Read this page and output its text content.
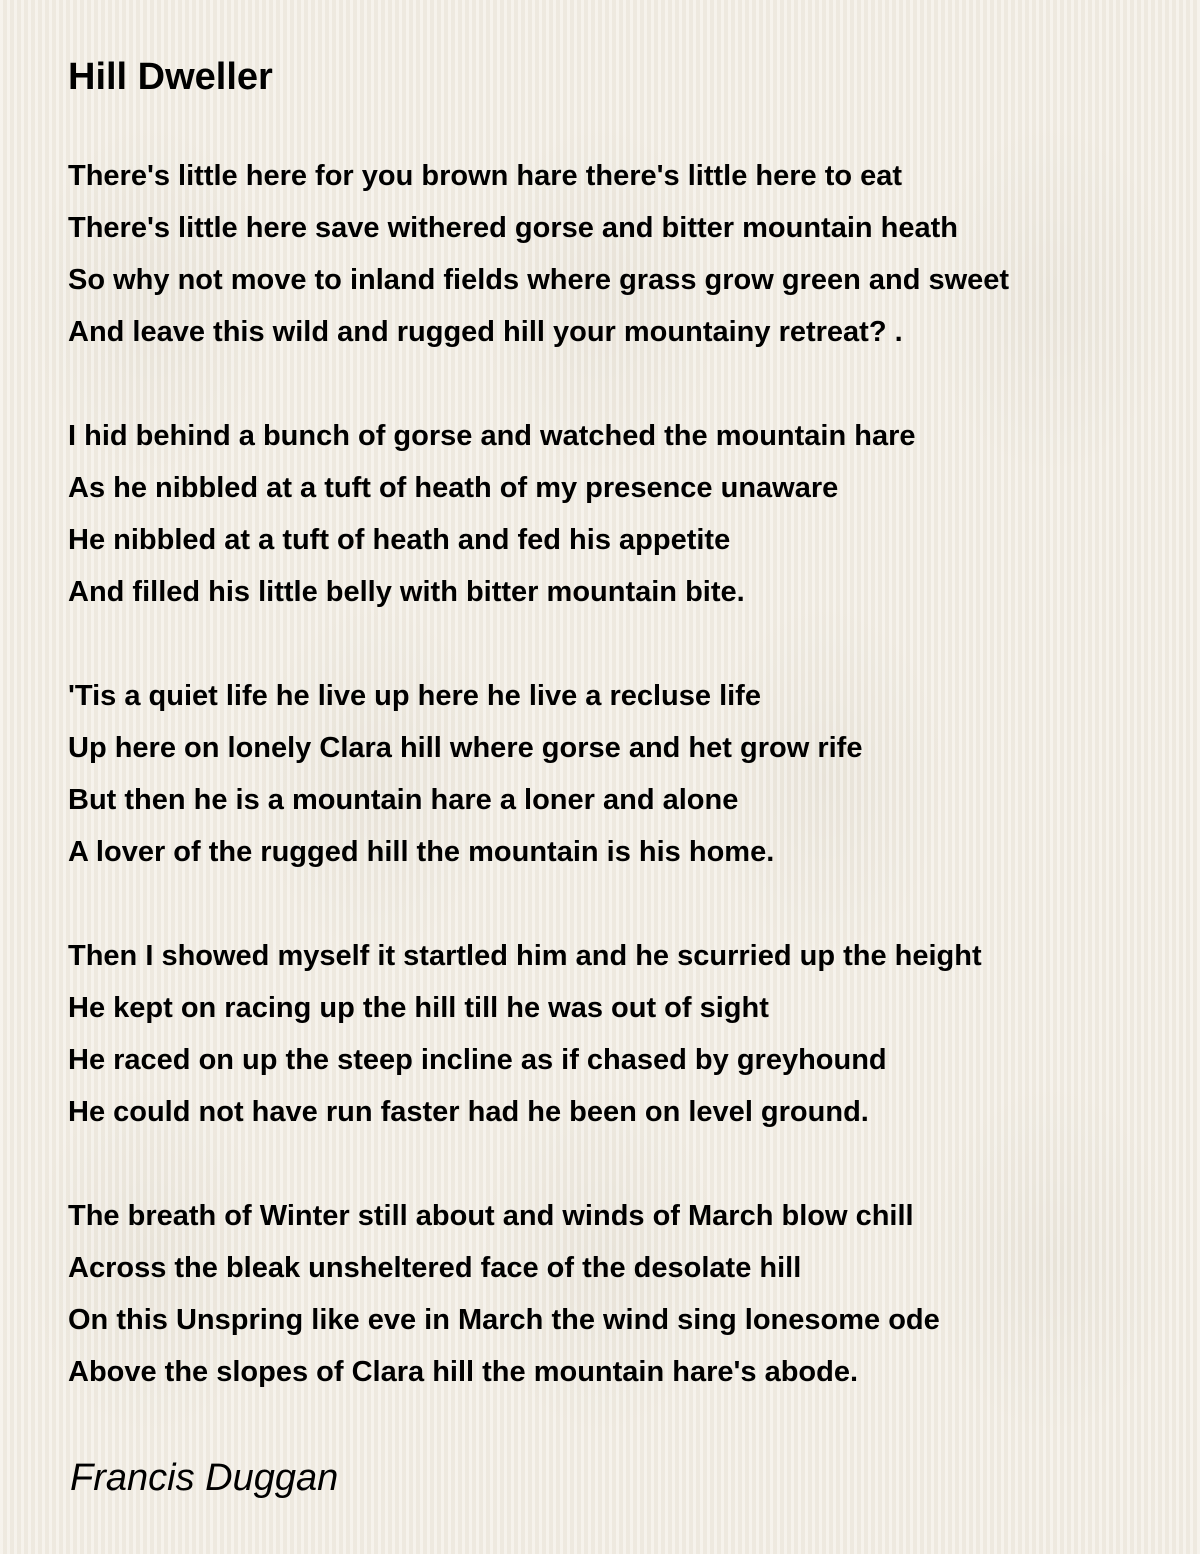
Hill Dweller
There's little here for you brown hare there's little here to eat
There's little here save withered gorse and bitter mountain heath
So why not move to inland fields where grass grow green and sweet
And leave this wild and rugged hill your mountainy retreat? .
I hid behind a bunch of gorse and watched the mountain hare
As he nibbled at a tuft of heath of my presence unaware
He nibbled at a tuft of heath and fed his appetite
And filled his little belly with bitter mountain bite.
'Tis a quiet life he live up here he live a recluse life
Up here on lonely Clara hill where gorse and het grow rife
But then he is a mountain hare a loner and alone
A lover of the rugged hill the mountain is his home.
Then I showed myself it startled him and he scurried up the height
He kept on racing up the hill till he was out of sight
He raced on up the steep incline as if chased by greyhound
He could not have run faster had he been on level ground.
The breath of Winter still about and winds of March blow chill
Across the bleak unsheltered face of the desolate hill
On this Unspring like eve in March the wind sing lonesome ode
Above the slopes of Clara hill the mountain hare's abode.

Francis Duggan
